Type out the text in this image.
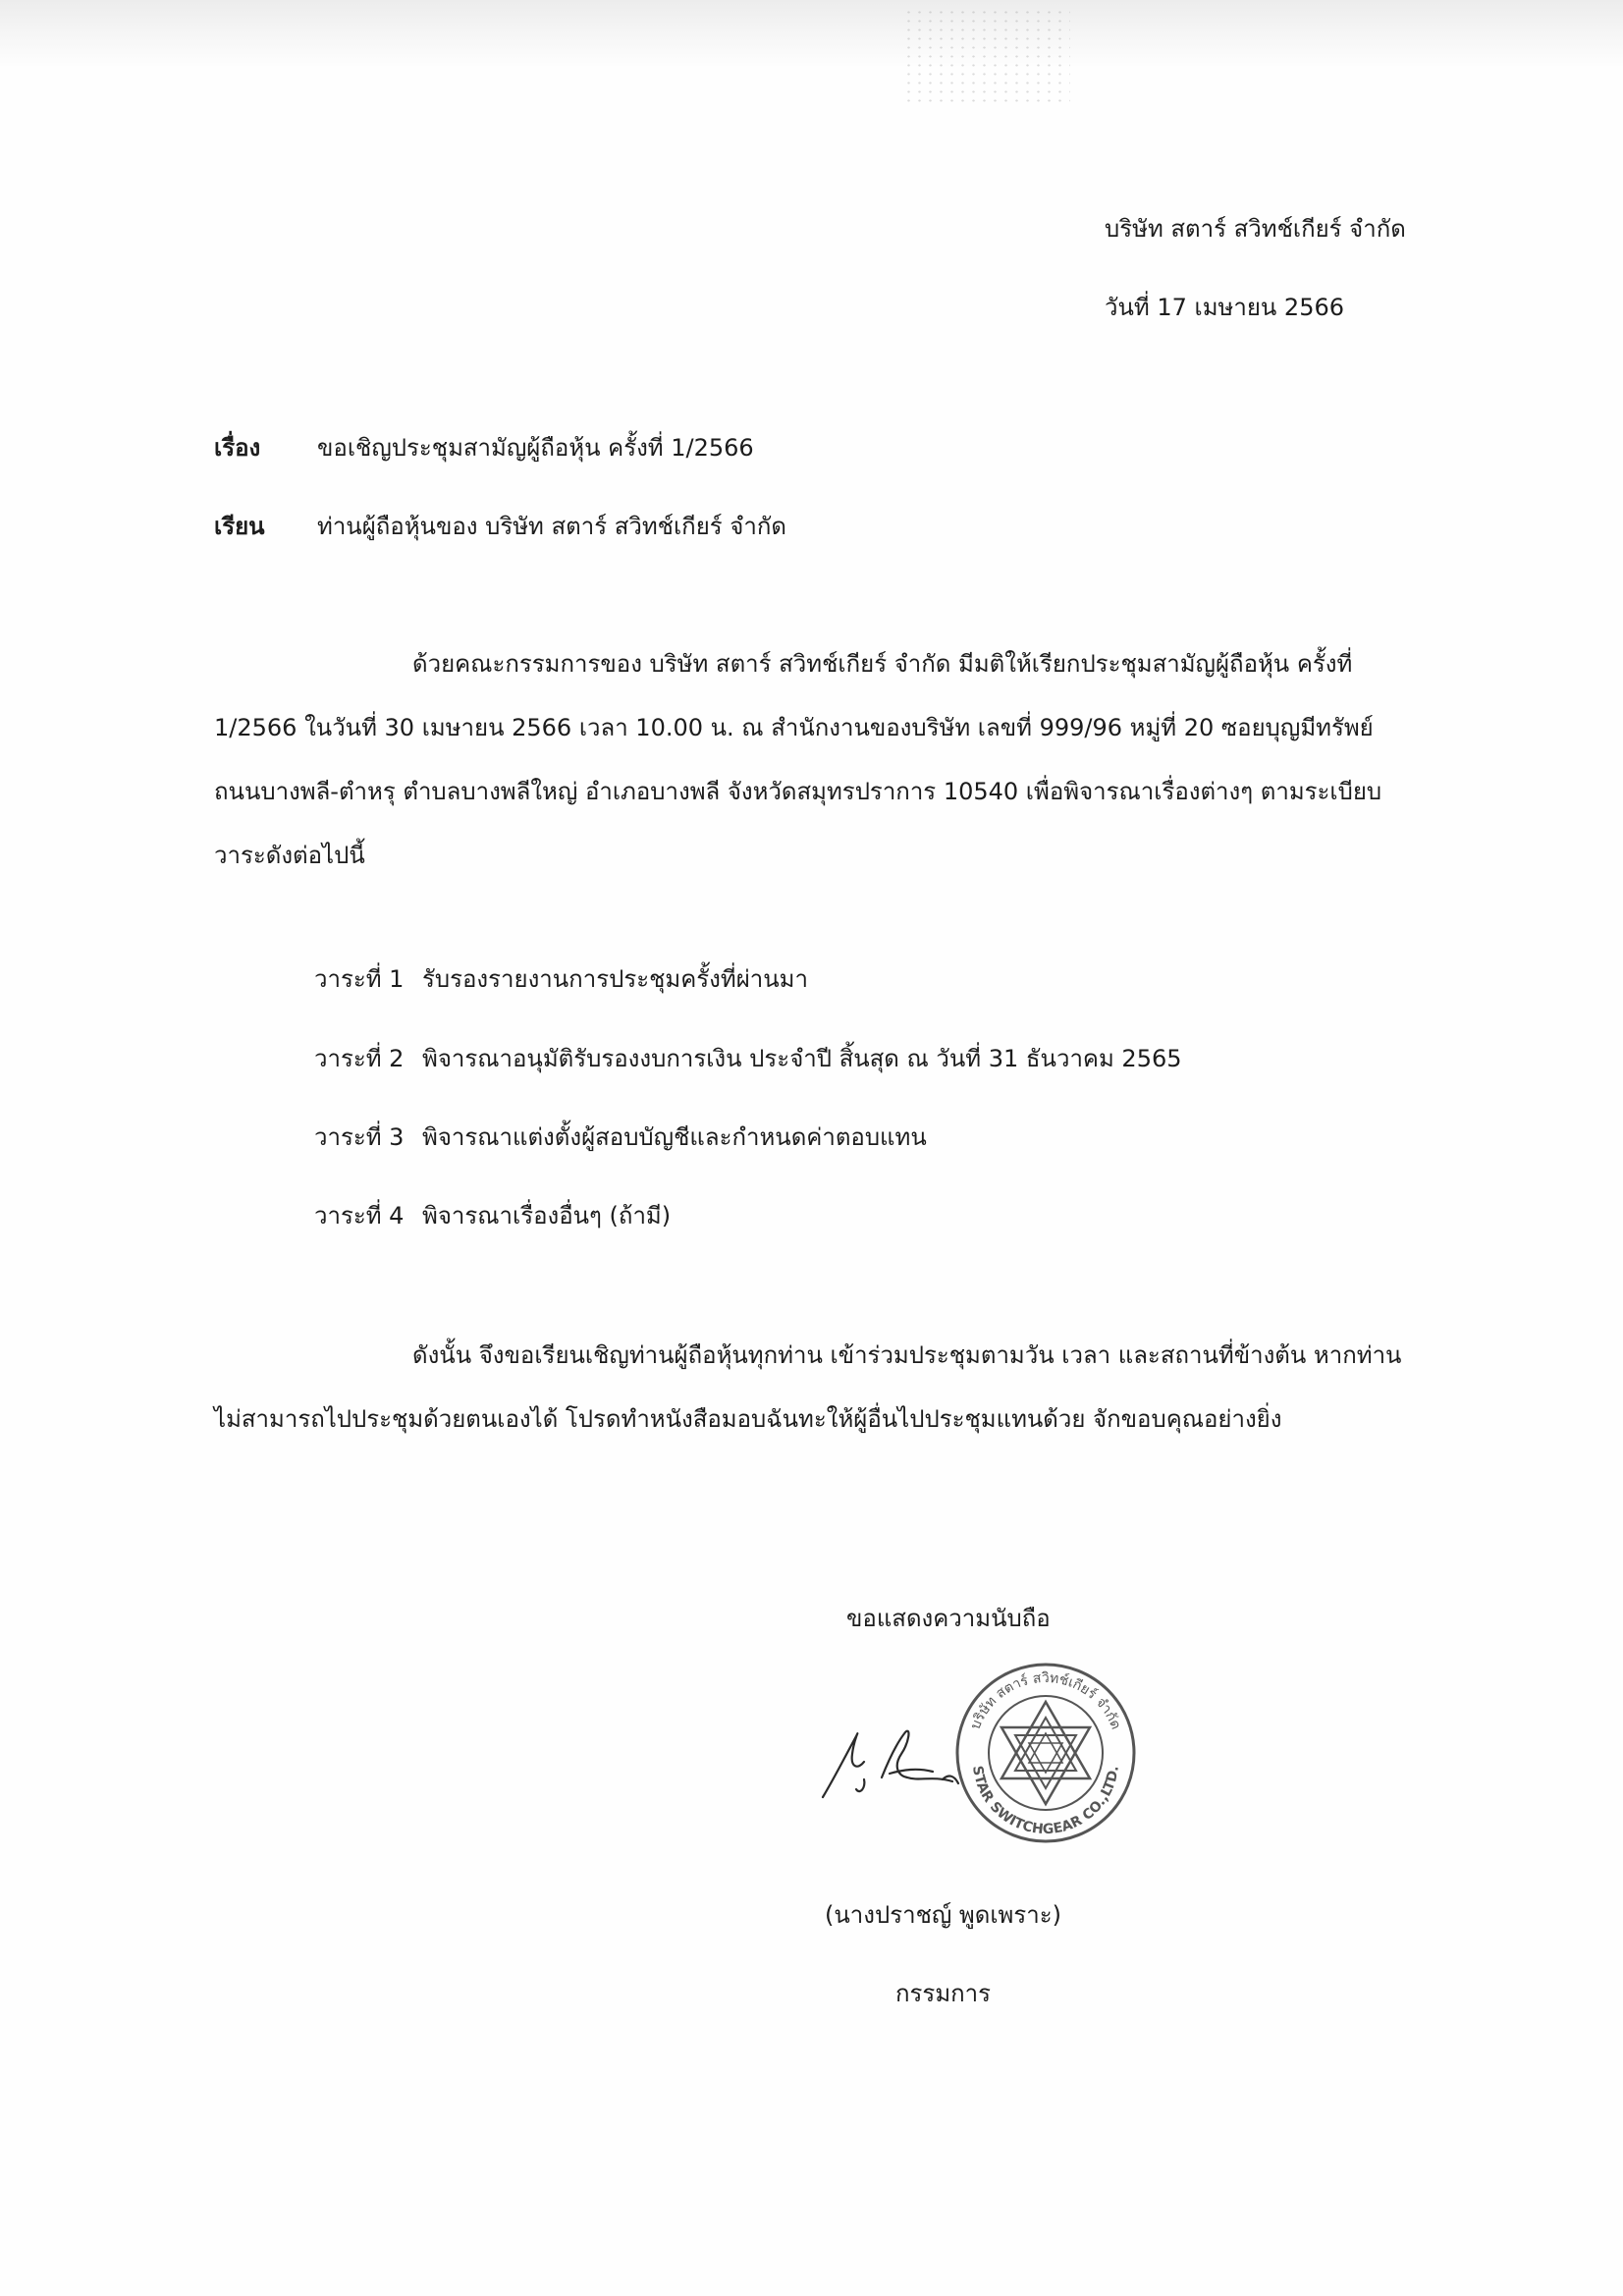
บริษัท สตาร์ สวิทช์เกียร์ จำกัด
วันที่ 17 เมษายน 2566
เรื่อง ขอเชิญประชุมสามัญผู้ถือหุ้น ครั้งที่ 1/2566
เรียน ท่านผู้ถือหุ้นของ บริษัท สตาร์ สวิทช์เกียร์ จำกัด
ด้วยคณะกรรมการของ บริษัท สตาร์ สวิทช์เกียร์ จำกัด มีมติให้เรียกประชุมสามัญผู้ถือหุ้น ครั้งที่
1/2566 ในวันที่ 30 เมษายน 2566 เวลา 10.00 น. ณ สำนักงานของบริษัท เลขที่ 999/96 หมู่ที่ 20 ซอยบุญมีทรัพย์
ถนนบางพลี-ตำหรุ ตำบลบางพลีใหญ่ อำเภอบางพลี จังหวัดสมุทรปราการ 10540 เพื่อพิจารณาเรื่องต่างๆ ตามระเบียบ
วาระดังต่อไปนี้
วาระที่ 1 รับรองรายงานการประชุมครั้งที่ผ่านมา
วาระที่ 2 พิจารณาอนุมัติรับรองงบการเงิน ประจำปี สิ้นสุด ณ วันที่ 31 ธันวาคม 2565
วาระที่ 3 พิจารณาแต่งตั้งผู้สอบบัญชีและกำหนดค่าตอบแทน
วาระที่ 4 พิจารณาเรื่องอื่นๆ (ถ้ามี)
ดังนั้น จึงขอเรียนเชิญท่านผู้ถือหุ้นทุกท่าน เข้าร่วมประชุมตามวัน เวลา และสถานที่ข้างต้น หากท่าน
ไม่สามารถไปประชุมด้วยตนเองได้ โปรดทำหนังสือมอบฉันทะให้ผู้อื่นไปประชุมแทนด้วย จักขอบคุณอย่างยิ่ง
ขอแสดงความนับถือ
บริษัท สตาร์ สวิทช์เกียร์ จำกัด
STAR SWITCHGEAR CO.,LTD.
(นางปราชญ์ พูดเพราะ)
กรรมการ
